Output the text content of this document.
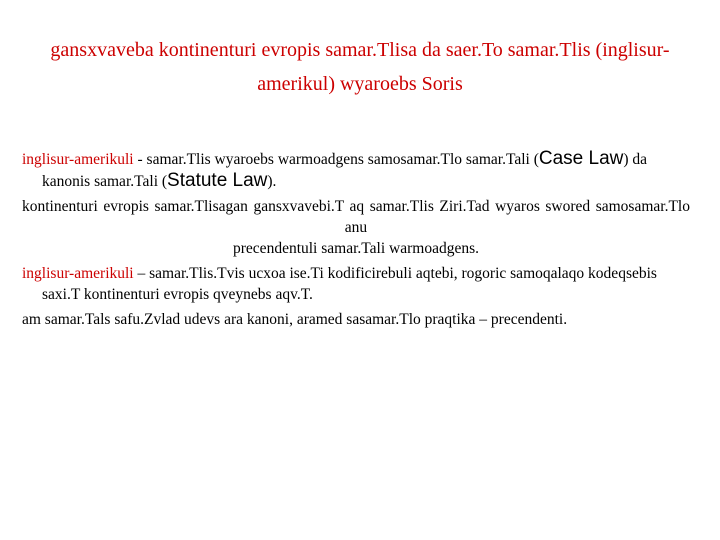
gansxvaveba kontinenturi evropis samar.Tlisa da saer.To samar.Tlis (inglisur-amerikul) wyaroebs Soris

inglisur-amerikuli - samar.Tlis wyaroebs warmoadgens samosamar.Tlo samar.Tali (Case Law) da kanonis samar.Tali (Statute Law).

kontinenturi evropis samar.Tlisagan gansxvavebi.T aq samar.Tlis Ziri.Tad wyaros swored samosamar.Tlo anu
precendentuli samar.Tali warmoadgens.

inglisur-amerikuli – samar.Tlis.Tvis ucxoa ise.Ti kodificirebuli aqtebi, rogoric samoqalaqo kodeqsebis saxi.T kontinenturi evropis qveynebs aqv.T.

am samar.Tals safu.Zvlad udevs ara kanoni, aramed sasamar.Tlo praqtika – precendenti.
